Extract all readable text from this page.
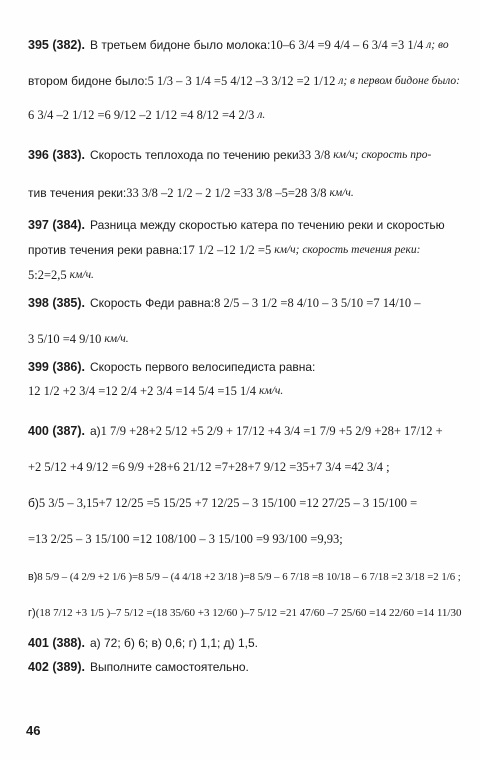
395 (382). В третьем бидоне было молока: 10–6 3/4 =9 4/4 – 6 3/4 =3 1/4 л; во
втором бидоне было: 5 1/3 – 3 1/4 =5 4/12 –3 3/12 =2 1/12 л; в первом бидоне было:
6 3/4 –2 1/12 =6 9/12 –2 1/12 =4 8/12 =4 2/3 л.
396 (383). Скорость теплохода по течению реки 33 3/8 км/ч; скорость про-
тив течения реки: 33 3/8 –2 1/2 – 2 1/2 =33 3/8 –5=28 3/8 км/ч.
397 (384). Разница между скоростью катера по течению реки и скоростью
против течения реки равна: 17 1/2 –12 1/2 =5 км/ч; скорость течения реки:
5:2=2,5 км/ч.
398 (385). Скорость Феди равна: 8 2/5 – 3 1/2 =8 4/10 – 3 5/10 =7 14/10 –
3 5/10 =4 9/10 км/ч.
399 (386). Скорость первого велосипедиста равна:
12 1/2 +2 3/4 =12 2/4 +2 3/4 =14 5/4 =15 1/4 км/ч.
400 (387). а) 1 7/9 +28+2 5/12 +5 2/9 + 17/12 +4 3/4 =1 7/9 +5 2/9 +28+ 17/12 +
+2 5/12 +4 9/12 =6 9/9 +28+6 21/12 =7+28+7 9/12 =35+7 3/4 =42 3/4 ;
б) 5 3/5 – 3,15+7 12/25 =5 15/25 +7 12/25 – 3 15/100 =12 27/25 – 3 15/100 =
=13 2/25 – 3 15/100 =12 108/100 – 3 15/100 =9 93/100 =9,93;
в) 8 5/9 – (4 2/9 +2 1/6 )=8 5/9 – (4 4/18 +2 3/18 )=8 5/9 – 6 7/18 =8 10/18 – 6 7/18 =2 3/18 =2 1/6 ;
г) (18 7/12 +3 1/5 )–7 5/12 =(18 35/60 +3 12/60 )–7 5/12 =21 47/60 –7 25/60 =14 22/60 =14 11/30
401 (388). а) 72; б) 6; в) 0,6; г) 1,1; д) 1,5.
402 (389). Выполните самостоятельно.
46
